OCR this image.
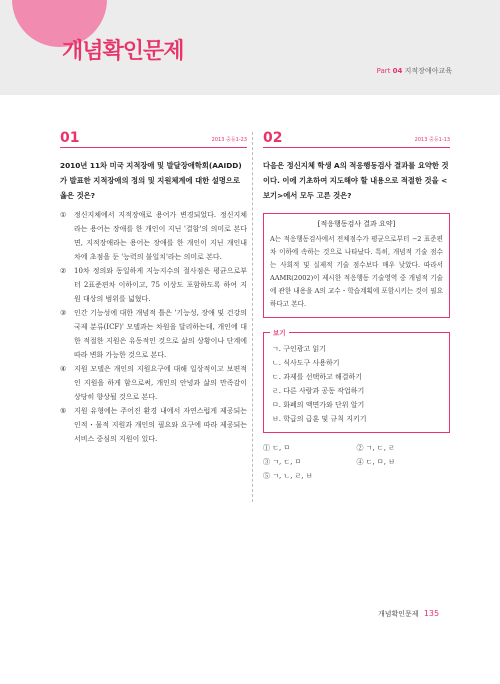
개념확인문제
Part 04 지적장애아교육
01	2013 중등1-23
2010년 11차 미국 지적장애 및 발달장애학회(AAIDD)가 발표한 지적장애의 정의 및 지원체계에 대한 설명으로 옳은 것은?
①	정신지체에서 지적장애로 용어가 변경되었다. 정신지체라는 용어는 장애를 한 개인이 지닌 '결함'의 의미로 본다면, 지적장애라는 용어는 장애를 한 개인이 지닌 개인내차에 초점을 둔 '능력의 불일치'라는 의미로 본다.
②	10차 정의와 동일하게 지능지수의 절사점은 평균으로부터 2표준편차 이하이고, 75 이상도 포함하도록 하여 지원 대상의 범위를 넓혔다.
③	인간 기능성에 대한 개념적 틀은 '기능성, 장애 및 건강의 국제 분류(ICF)' 모델과는 차원을 달리하는데, 개인에 대한 적절한 지원은 유동적인 것으로 삶의 상황이나 단계에 따라 변화 가능한 것으로 본다.
④	지원 모델은 개인의 지원요구에 대해 일상적이고 보편적인 지원을 하게 함으로써, 개인의 안녕과 삶의 만족감이 상당히 향상될 것으로 본다.
⑤	지원 유형에는 주어진 환경 내에서 자연스럽게 제공되는 인적・물적 지원과 개인의 필요와 요구에 따라 제공되는 서비스 중심의 지원이 있다.
02	2013 중등1-13
다음은 정신지체 학생 A의 적응행동검사 결과를 요약한 것이다. 이에 기초하여 지도해야 할 내용으로 적절한 것을 <보기>에서 모두 고른 것은?
[적응행동검사 결과 요약]
A는 적응행동검사에서 전체점수가 평균으로부터 −2 표준편차 이하에 속하는 것으로 나타났다. 특히, 개념적 기술 점수는 사회적 및 실제적 기술 점수보다 매우 낮았다. 따라서 AAMR(2002)이 제시한 적응행동 기술영역 중 개념적 기술에 관한 내용을 A의 교수・학습계획에 포함시키는 것이 필요하다고 본다.
보기
ㄱ. 구인광고 읽기
ㄴ. 식사도구 사용하기
ㄷ. 과제를 선택하고 해결하기
ㄹ. 다른 사람과 공동 작업하기
ㅁ. 화폐의 액면가와 단위 알기
ㅂ. 학급의 급훈 및 규칙 지키기
① ㄷ, ㅁ	② ㄱ, ㄷ, ㄹ
③ ㄱ, ㄷ, ㅁ	④ ㄷ, ㅁ, ㅂ
⑤ ㄱ, ㄴ, ㄹ, ㅂ
개념확인문제 135
